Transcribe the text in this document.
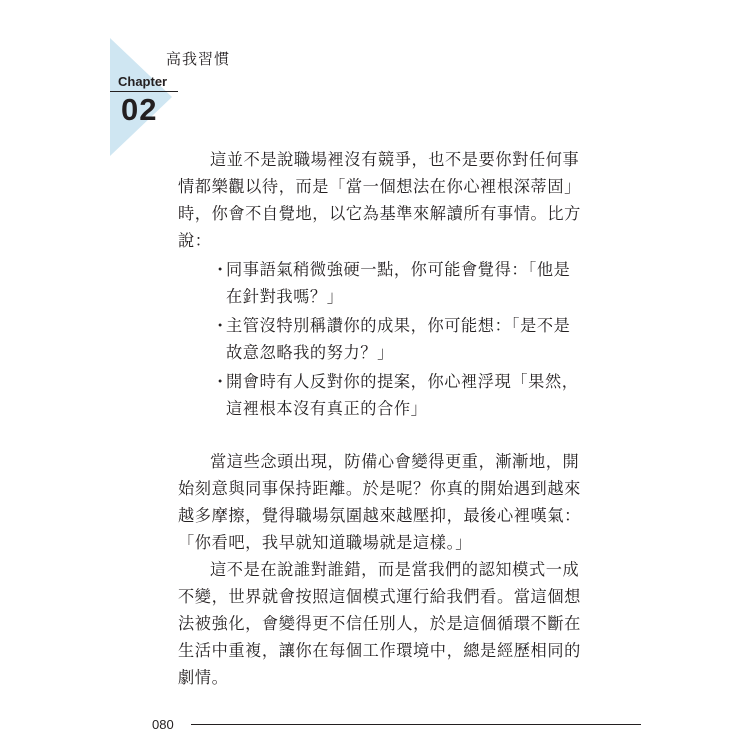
高我習慣
Chapter
02

這並不是說職場裡沒有競爭，也不是要你對任何事

情都樂觀以待，而是「當一個想法在你心裡根深蒂固」

時，你會不自覺地，以它為基準來解讀所有事情。比方

說：

・
同事語氣稍微強硬一點，你可能會覺得：「他是
在針對我嗎？」
・
主管沒特別稱讚你的成果，你可能想：「是不是
故意忽略我的努力？」
・
開會時有人反對你的提案，你心裡浮現「果然，
這裡根本沒有真正的合作」

當這些念頭出現，防備心會變得更重，漸漸地，開

始刻意與同事保持距離。於是呢？你真的開始遇到越來

越多摩擦，覺得職場氛圍越來越壓抑，最後心裡嘆氣：

「你看吧，我早就知道職場就是這樣。」

這不是在說誰對誰錯，而是當我們的認知模式一成

不變，世界就會按照這個模式運行給我們看。當這個想

法被強化，會變得更不信任別人，於是這個循環不斷在

生活中重複，讓你在每個工作環境中，總是經歷相同的

劇情。

080
